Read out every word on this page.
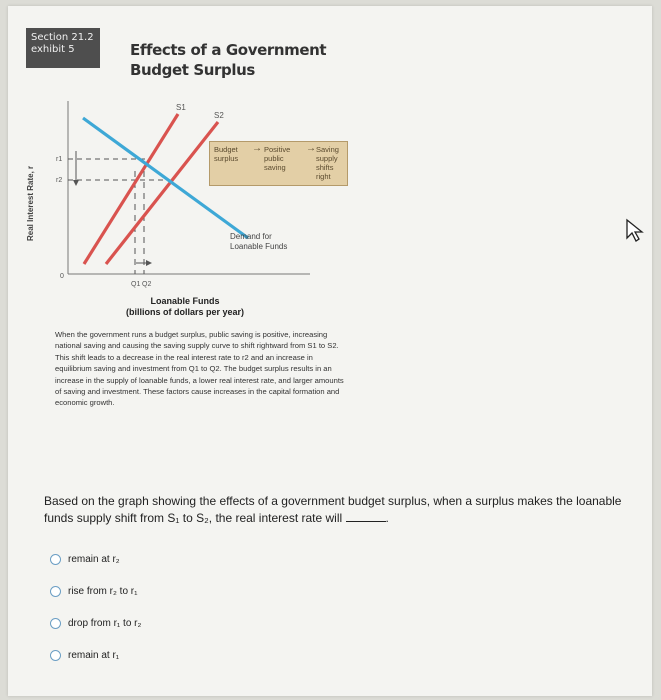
Section 21.2
exhibit 5	Effects of a Government
Budget Surplus
Real Interest Rate, r
S1
S2
r1
r2
0
Q1 Q2
Budget surplus
→ Positive public saving
→ Saving supply shifts right
Demand for
Loanable Funds
Loanable Funds
(billions of dollars per year)
When the government runs a budget surplus, public saving is positive, increasing national saving and causing the saving supply curve to shift rightward from S1 to S2. This shift leads to a decrease in the real interest rate to r2 and an increase in equilibrium saving and investment from Q1 to Q2. The budget surplus results in an increase in the supply of loanable funds, a lower real interest rate, and larger amounts of saving and investment. These factors cause increases in the capital formation and economic growth.
Based on the graph showing the effects of a government budget surplus, when a surplus makes the loanable funds supply shift from S₁ to S₂, the real interest rate will	.
remain at r₂
rise from r₂ to r₁
drop from r₁ to r₂
remain at r₁
